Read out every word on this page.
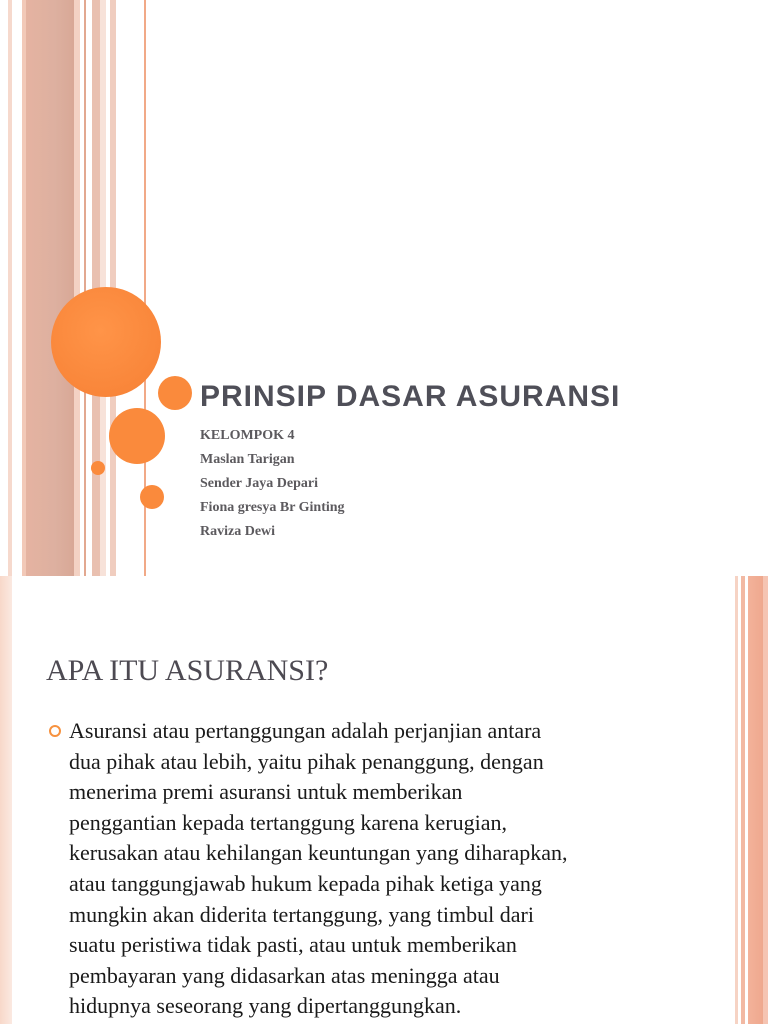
PRINSIP DASAR ASURANSI
KELOMPOK 4
Maslan Tarigan
Sender Jaya Depari
Fiona gresya Br Ginting
Raviza Dewi
APA ITU ASURANSI?
Asuransi atau pertanggungan adalah perjanjian antara
dua pihak atau lebih, yaitu pihak penanggung, dengan
menerima premi asuransi untuk memberikan
penggantian kepada tertanggung karena kerugian,
kerusakan atau kehilangan keuntungan yang diharapkan,
atau tanggungjawab hukum kepada pihak ketiga yang
mungkin akan diderita tertanggung, yang timbul dari
suatu peristiwa tidak pasti, atau untuk memberikan
pembayaran yang didasarkan atas meningga atau
hidupnya seseorang yang dipertanggungkan.
